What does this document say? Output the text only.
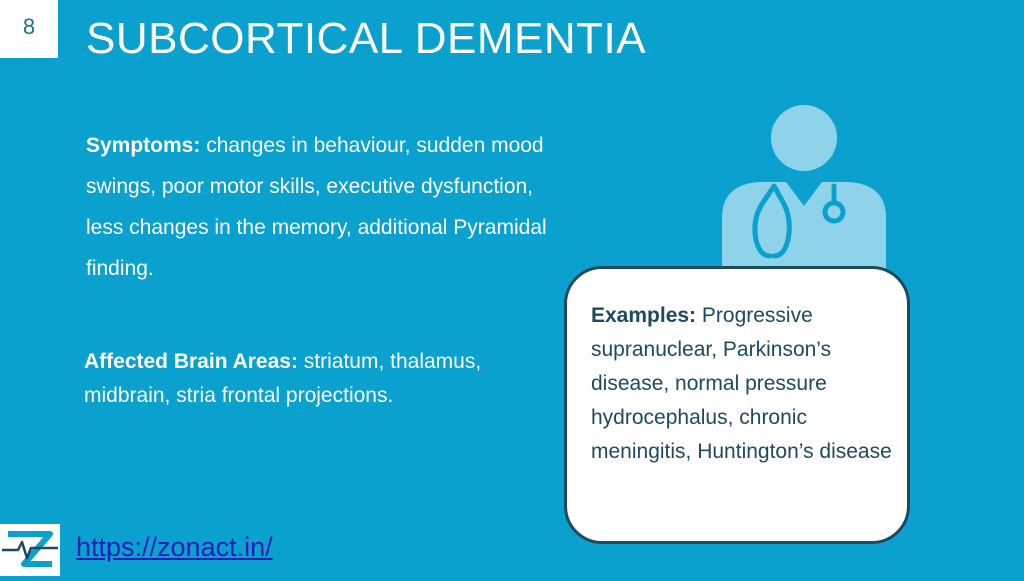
8	SUBCORTICAL DEMENTIA
Symptoms: changes in behaviour, sudden mood swings, poor motor skills, executive dysfunction, less changes in the memory, additional Pyramidal finding.
Affected Brain Areas: striatum, thalamus, midbrain, stria frontal projections.
Examples: Progressive supranuclear, Parkinson’s disease, normal pressure hydrocephalus, chronic meningitis, Huntington’s disease
https://zonact.in/
